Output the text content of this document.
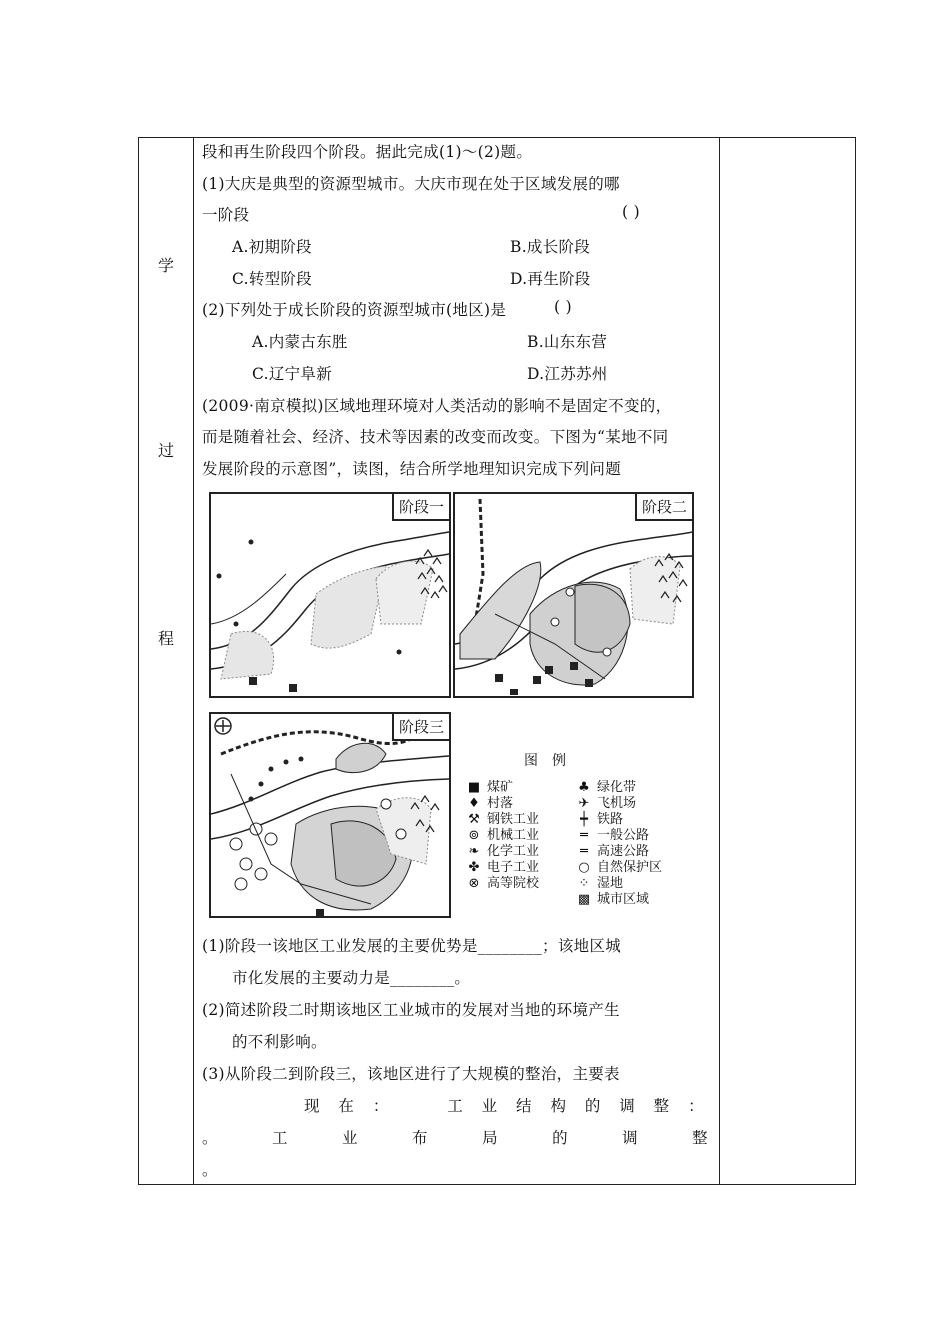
学
过
程
段和再生阶段四个阶段。据此完成(1)～(2)题。
(1)大庆是典型的资源型城市。大庆市现在处于区域发展的哪
一阶段	( )
A.初期阶段	B.成长阶段
C.转型阶段	D.再生阶段
(2)下列处于成长阶段的资源型城市(地区)是	( )
A.内蒙古东胜	B.山东东营
C.辽宁阜新	D.江苏苏州
(2009·南京模拟)区域地理环境对人类活动的影响不是固定不变的，
而是随着社会、经济、技术等因素的改变而改变。下图为“某地不同
发展阶段的示意图”，读图，结合所学地理知识完成下列问题
阶段一	阶段二
阶段三
图例
■ 煤矿
♦ 村落
⚒ 钢铁工业
⊚ 机械工业
❧ 化学工业
✤ 电子工业
⊗ 高等院校
♣ 绿化带
✈ 飞机场
┿ 铁路
═ 一般公路
═ 高速公路
○ 自然保护区
⁘ 湿地
▩ 城市区域
(1)阶段一该地区工业发展的主要优势是________；该地区城
市化发展的主要动力是________。
(2)简述阶段二时期该地区工业城市的发展对当地的环境产生
的不利影响。
(3)从阶段二到阶段三，该地区进行了大规模的整治，主要表
现 在 ：	工 业 结 构 的 调 整 ：
。	工	业	布	局	的	调	整
。
